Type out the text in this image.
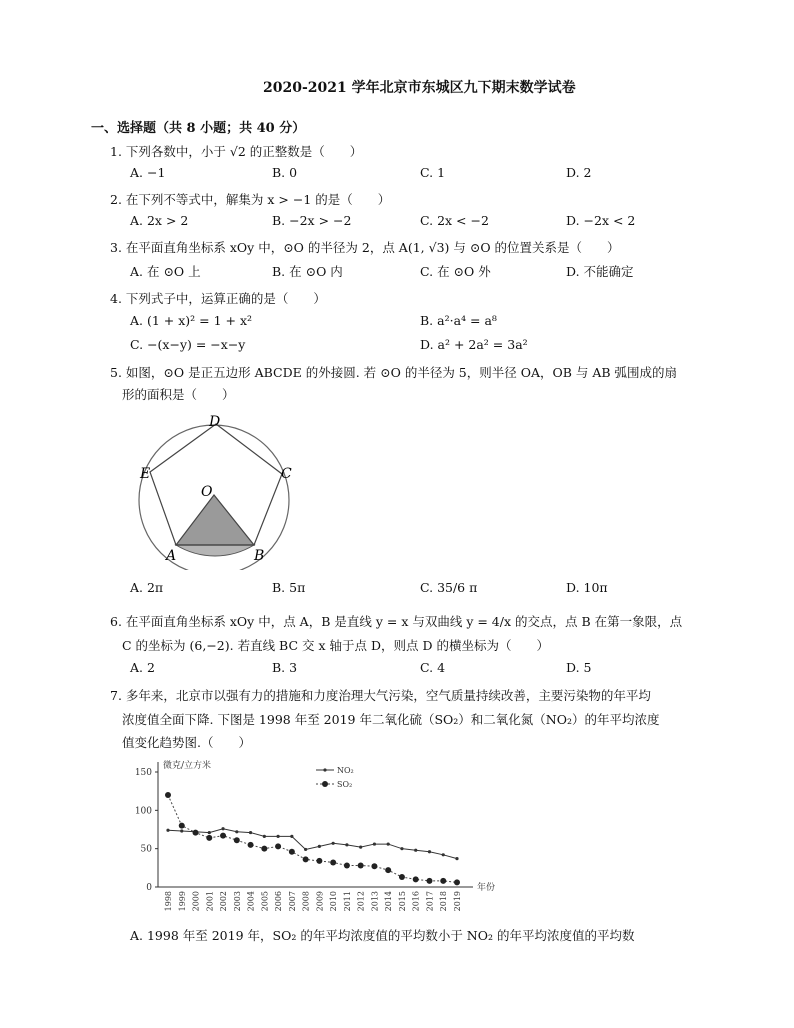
2020-2021 学年北京市东城区九下期末数学试卷
一、选择题（共 8 小题；共 40 分）
1. 下列各数中，小于 √2 的正整数是（　　）
A. −1	B. 0	C. 1	D. 2
2. 在下列不等式中，解集为 x > −1 的是（　　）
A. 2x > 2	B. −2x > −2	C. 2x < −2	D. −2x < 2
3. 在平面直角坐标系 xOy 中，⊙O 的半径为 2，点 A(1, √3) 与 ⊙O 的位置关系是（　　）
A. 在 ⊙O 上	B. 在 ⊙O 内	C. 在 ⊙O 外	D. 不能确定
4. 下列式子中，运算正确的是（　　）
A. (1 + x)² = 1 + x²	B. a²·a⁴ = a⁸
C. −(x−y) = −x−y	D. a² + 2a² = 3a²
5. 如图，⊙O 是正五边形 ABCDE 的外接圆. 若 ⊙O 的半径为 5，则半径 OA，OB 与 AB 弧围成的扇
形的面积是（　　）
D
E	C
O
A	B
A. 2π	B. 5π	C. 35/6 π	D. 10π
6. 在平面直角坐标系 xOy 中，点 A，B 是直线 y = x 与双曲线 y = 4/x 的交点，点 B 在第一象限，点
C 的坐标为 (6,−2). 若直线 BC 交 x 轴于点 D，则点 D 的横坐标为（　　）
A. 2	B. 3	C. 4	D. 5
7. 多年来，北京市以强有力的措施和力度治理大气污染，空气质量持续改善，主要污染物的年平均
浓度值全面下降. 下图是 1998 年至 2019 年二氧化硫（SO₂）和二氧化氮（NO₂）的年平均浓度
值变化趋势图.（　　）
150
100
50
0
微克/立方米
1998 1999 2000 2001 2002 2003 2004 2005 2006 2007 2008 2009 2010 2011 2012 2013 2014 2015 2016 2017 2018 2019
年份
NO₂
SO₂
A. 1998 年至 2019 年，SO₂ 的年平均浓度值的平均数小于 NO₂ 的年平均浓度值的平均数
